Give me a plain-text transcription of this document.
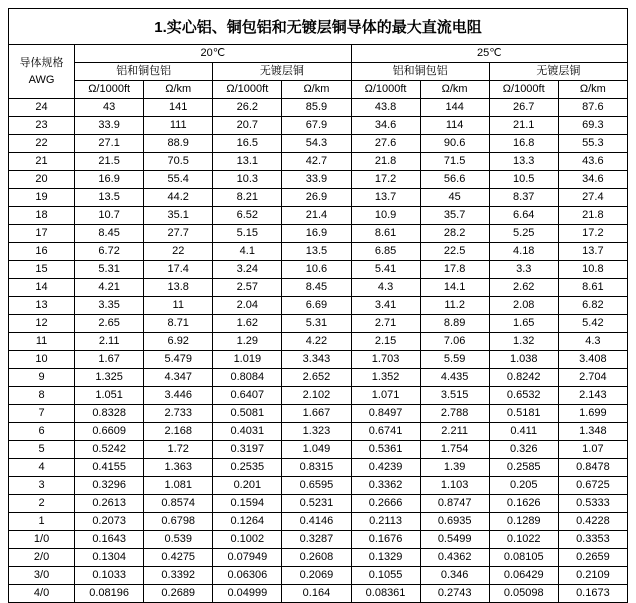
1.实心铝、铜包铝和无镀层铜导体的最大直流电阻
导体规格
AWG	20℃				25℃			
	铝和铜包铝		无镀层铜		铝和铜包铝		无镀层铜	
	Ω/1000ft	Ω/km	Ω/1000ft	Ω/km	Ω/1000ft	Ω/km	Ω/1000ft	Ω/km
24	43	141	26.2	85.9	43.8	144	26.7	87.6
23	33.9	111	20.7	67.9	34.6	114	21.1	69.3
22	27.1	88.9	16.5	54.3	27.6	90.6	16.8	55.3
21	21.5	70.5	13.1	42.7	21.8	71.5	13.3	43.6
20	16.9	55.4	10.3	33.9	17.2	56.6	10.5	34.6
19	13.5	44.2	8.21	26.9	13.7	45	8.37	27.4
18	10.7	35.1	6.52	21.4	10.9	35.7	6.64	21.8
17	8.45	27.7	5.15	16.9	8.61	28.2	5.25	17.2
16	6.72	22	4.1	13.5	6.85	22.5	4.18	13.7
15	5.31	17.4	3.24	10.6	5.41	17.8	3.3	10.8
14	4.21	13.8	2.57	8.45	4.3	14.1	2.62	8.61
13	3.35	11	2.04	6.69	3.41	11.2	2.08	6.82
12	2.65	8.71	1.62	5.31	2.71	8.89	1.65	5.42
11	2.11	6.92	1.29	4.22	2.15	7.06	1.32	4.3
10	1.67	5.479	1.019	3.343	1.703	5.59	1.038	3.408
9	1.325	4.347	0.8084	2.652	1.352	4.435	0.8242	2.704
8	1.051	3.446	0.6407	2.102	1.071	3.515	0.6532	2.143
7	0.8328	2.733	0.5081	1.667	0.8497	2.788	0.5181	1.699
6	0.6609	2.168	0.4031	1.323	0.6741	2.211	0.411	1.348
5	0.5242	1.72	0.3197	1.049	0.5361	1.754	0.326	1.07
4	0.4155	1.363	0.2535	0.8315	0.4239	1.39	0.2585	0.8478
3	0.3296	1.081	0.201	0.6595	0.3362	1.103	0.205	0.6725
2	0.2613	0.8574	0.1594	0.5231	0.2666	0.8747	0.1626	0.5333
1	0.2073	0.6798	0.1264	0.4146	0.2113	0.6935	0.1289	0.4228
1/0	0.1643	0.539	0.1002	0.3287	0.1676	0.5499	0.1022	0.3353
2/0	0.1304	0.4275	0.07949	0.2608	0.1329	0.4362	0.08105	0.2659
3/0	0.1033	0.3392	0.06306	0.2069	0.1055	0.346	0.06429	0.2109
4/0	0.08196	0.2689	0.04999	0.164	0.08361	0.2743	0.05098	0.1673
